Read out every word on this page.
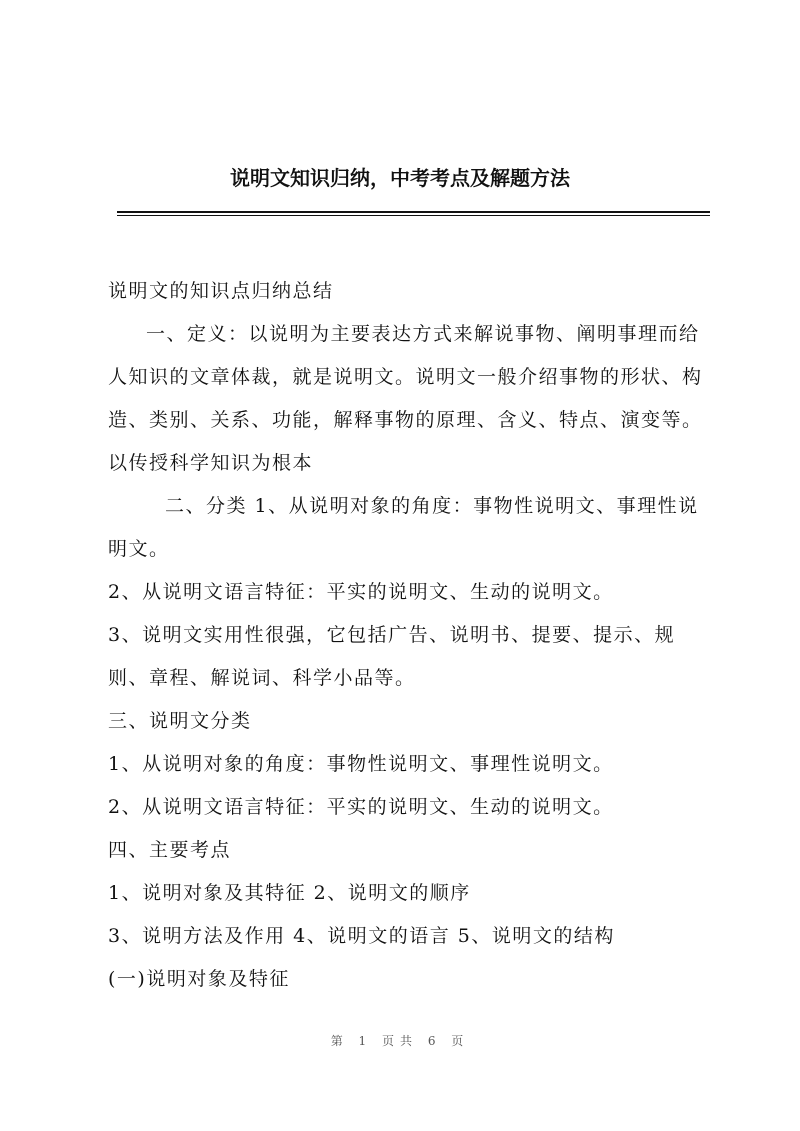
说明文知识归纳，中考考点及解题方法

说明文的知识点归纳总结

一、定义：以说明为主要表达方式来解说事物、阐明事理而给人知识的文章体裁，就是说明文。说明文一般介绍事物的形状、构造、类别、关系、功能，解释事物的原理、含义、特点、演变等。以传授科学知识为根本

二、分类 1、从说明对象的角度：事物性说明文、事理性说明文。

2、从说明文语言特征：平实的说明文、生动的说明文。

3、说明文实用性很强，它包括广告、说明书、提要、提示、规则、章程、解说词、科学小品等。

三、说明文分类

1、从说明对象的角度：事物性说明文、事理性说明文。

2、从说明文语言特征：平实的说明文、生动的说明文。

四、主要考点

1、说明对象及其特征 2、说明文的顺序

3、说明方法及作用 4、说明文的语言 5、说明文的结构

(一)说明对象及特征

第 1 页共 6 页
